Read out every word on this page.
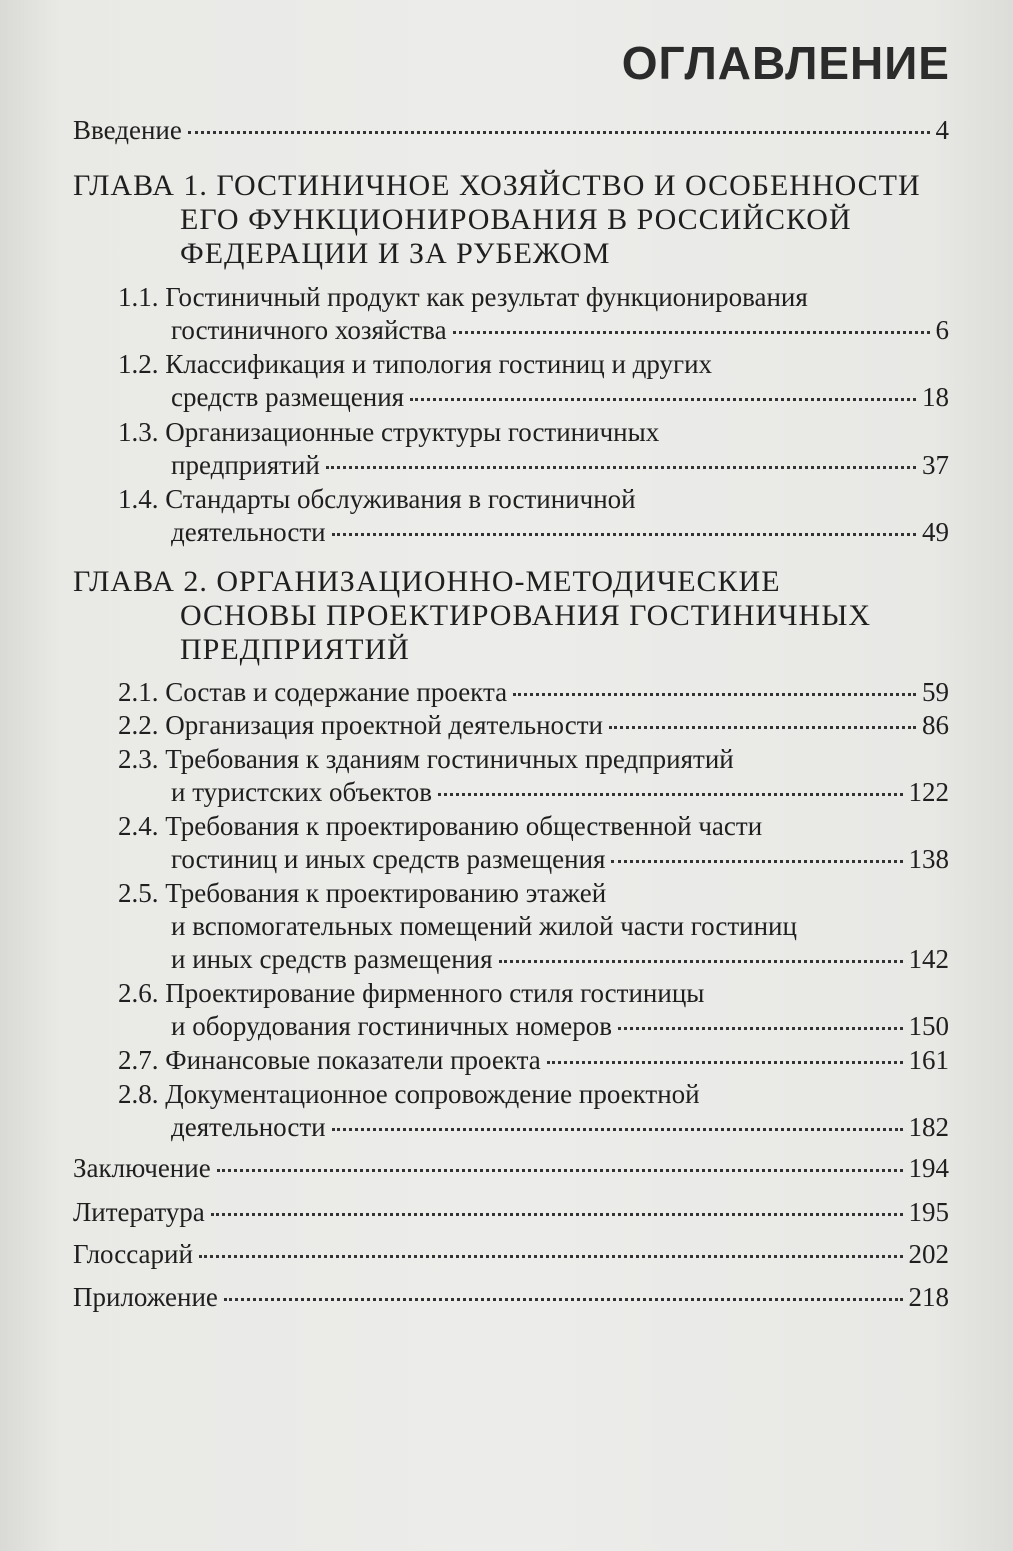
ОГЛАВЛЕНИЕ
Введение	4
ГЛАВА 1. ГОСТИНИЧНОЕ ХОЗЯЙСТВО И ОСОБЕННОСТИ
ЕГО ФУНКЦИОНИРОВАНИЯ В РОССИЙСКОЙ
ФЕДЕРАЦИИ И ЗА РУБЕЖОМ
1.1. Гостиничный продукт как результат функционирования
гостиничного хозяйства	6
1.2. Классификация и типология гостиниц и других
средств размещения	18
1.3. Организационные структуры гостиничных
предприятий	37
1.4. Стандарты обслуживания в гостиничной
деятельности	49
ГЛАВА 2. ОРГАНИЗАЦИОННО-МЕТОДИЧЕСКИЕ
ОСНОВЫ ПРОЕКТИРОВАНИЯ ГОСТИНИЧНЫХ
ПРЕДПРИЯТИЙ
2.1. Состав и содержание проекта	59
2.2. Организация проектной деятельности	86
2.3. Требования к зданиям гостиничных предприятий
и туристских объектов	122
2.4. Требования к проектированию общественной части
гостиниц и иных средств размещения	138
2.5. Требования к проектированию этажей
и вспомогательных помещений жилой части гостиниц
и иных средств размещения	142
2.6. Проектирование фирменного стиля гостиницы
и оборудования гостиничных номеров	150
2.7. Финансовые показатели проекта	161
2.8. Документационное сопровождение проектной
деятельности	182
Заключение	194
Литература	195
Глоссарий	202
Приложение	218
